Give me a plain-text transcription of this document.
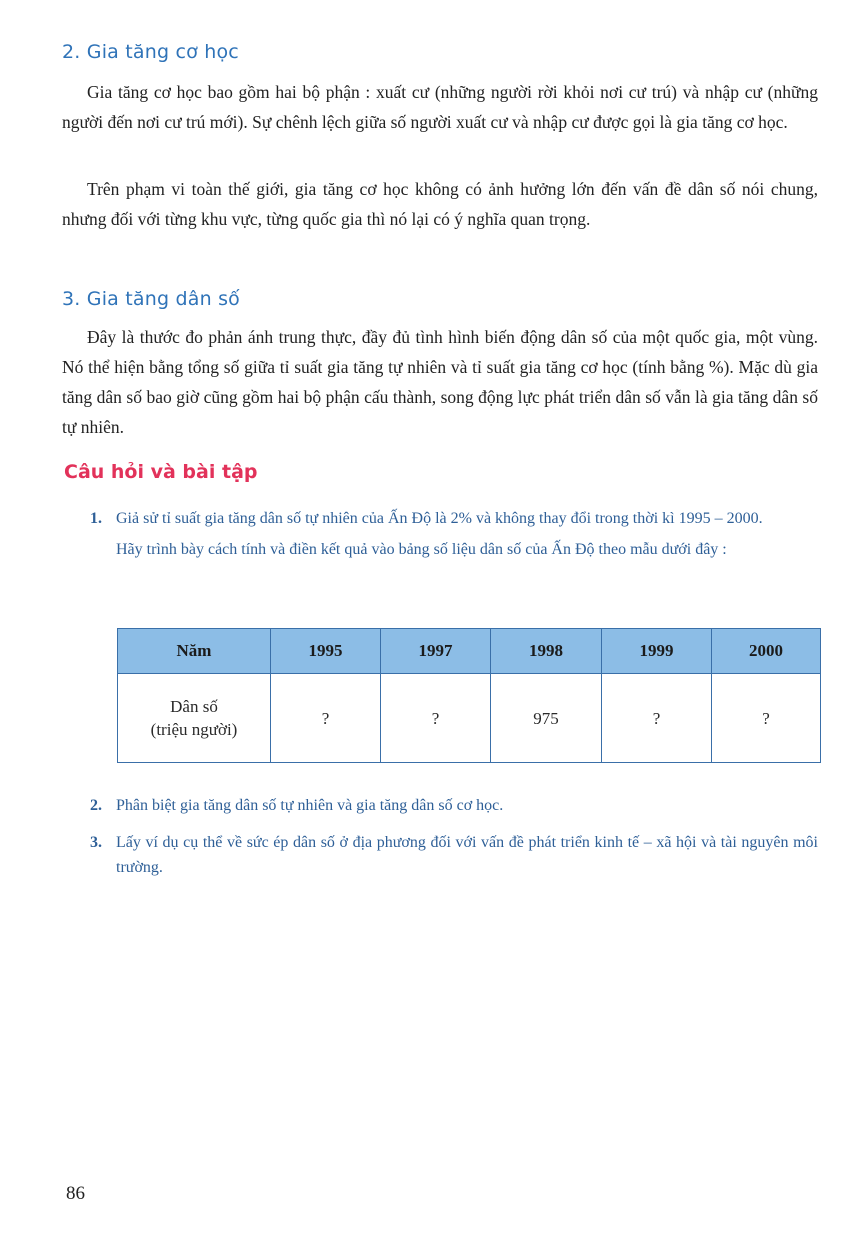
2. Gia tăng cơ học

Gia tăng cơ học bao gồm hai bộ phận : xuất cư (những người rời khỏi nơi cư trú) và nhập cư (những người đến nơi cư trú mới). Sự chênh lệch giữa số người xuất cư và nhập cư được gọi là gia tăng cơ học.

Trên phạm vi toàn thế giới, gia tăng cơ học không có ảnh hưởng lớn đến vấn đề dân số nói chung, nhưng đối với từng khu vực, từng quốc gia thì nó lại có ý nghĩa quan trọng.

3. Gia tăng dân số

Đây là thước đo phản ánh trung thực, đầy đủ tình hình biến động dân số của một quốc gia, một vùng. Nó thể hiện bằng tổng số giữa tỉ suất gia tăng tự nhiên và tỉ suất gia tăng cơ học (tính bằng %). Mặc dù gia tăng dân số bao giờ cũng gồm hai bộ phận cấu thành, song động lực phát triển dân số vẫn là gia tăng dân số tự nhiên.

Câu hỏi và bài tập
1. Giả sử tỉ suất gia tăng dân số tự nhiên của Ấn Độ là 2% và không thay đổi trong thời kì 1995 – 2000.
Hãy trình bày cách tính và điền kết quả vào bảng số liệu dân số của Ấn Độ theo mẫu dưới đây :
Năm	1995	1997	1998	1999	2000
Dân số
(triệu người)	?	?	975	?	?
2. Phân biệt gia tăng dân số tự nhiên và gia tăng dân số cơ học.
3. Lấy ví dụ cụ thể về sức ép dân số ở địa phương đối với vấn đề phát triển kinh tế – xã hội và tài nguyên môi trường.
86
